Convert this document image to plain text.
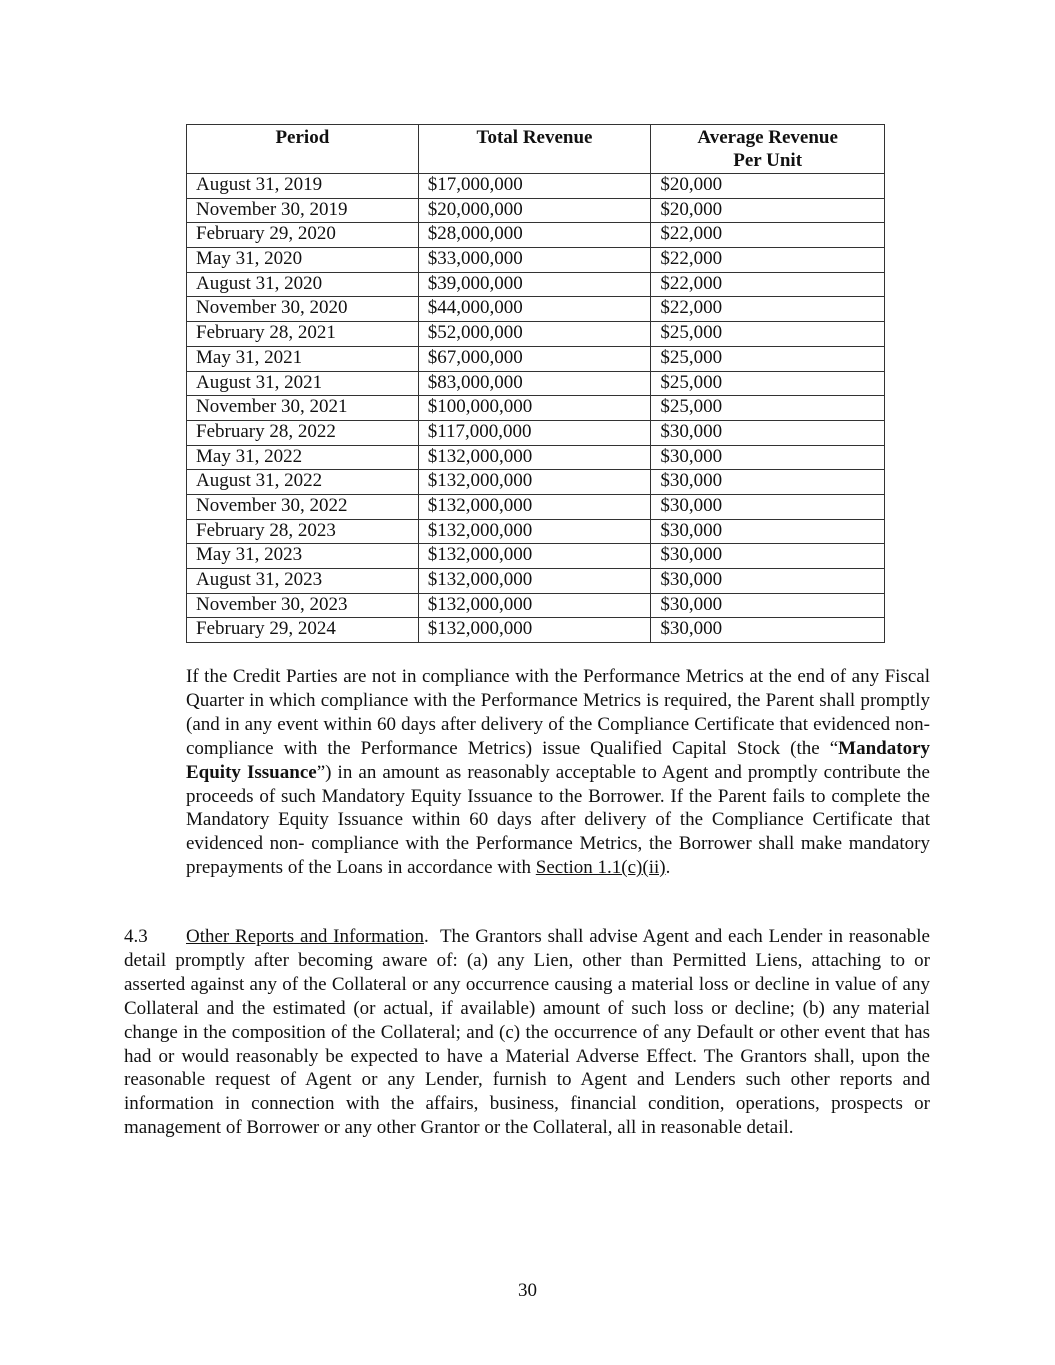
Period	Total Revenue	Average Revenue
Per Unit
August 31, 2019	$17,000,000	$20,000
November 30, 2019	$20,000,000	$20,000
February 29, 2020	$28,000,000	$22,000
May 31, 2020	$33,000,000	$22,000
August 31, 2020	$39,000,000	$22,000
November 30, 2020	$44,000,000	$22,000
February 28, 2021	$52,000,000	$25,000
May 31, 2021	$67,000,000	$25,000
August 31, 2021	$83,000,000	$25,000
November 30, 2021	$100,000,000	$25,000
February 28, 2022	$117,000,000	$30,000
May 31, 2022	$132,000,000	$30,000
August 31, 2022	$132,000,000	$30,000
November 30, 2022	$132,000,000	$30,000
February 28, 2023	$132,000,000	$30,000
May 31, 2023	$132,000,000	$30,000
August 31, 2023	$132,000,000	$30,000
November 30, 2023	$132,000,000	$30,000
February 29, 2024	$132,000,000	$30,000

If the Credit Parties are not in compliance with the Performance Metrics at the end of any Fiscal Quarter in which compliance with the Performance Metrics is required, the Parent shall promptly (and in any event within 60 days after delivery of the Compliance Certificate that evidenced non-compliance with the Performance Metrics) issue Qualified Capital Stock (the “Mandatory Equity Issuance”) in an amount as reasonably acceptable to Agent and promptly contribute the proceeds of such Mandatory Equity Issuance to the Borrower. If the Parent fails to complete the Mandatory Equity Issuance within 60 days after delivery of the Compliance Certificate that evidenced non- compliance with the Performance Metrics, the Borrower shall make mandatory prepayments of the Loans in accordance with Section 1.1(c)(ii).

4.3 Other Reports and Information.  The Grantors shall advise Agent and each Lender in reasonable detail promptly after becoming aware of: (a) any Lien, other than Permitted Liens, attaching to or asserted against any of the Collateral or any occurrence causing a material loss or decline in value of any Collateral and the estimated (or actual, if available) amount of such loss or decline; (b) any material change in the composition of the Collateral; and (c) the occurrence of any Default or other event that has had or would reasonably be expected to have a Material Adverse Effect. The Grantors shall, upon the reasonable request of Agent or any Lender, furnish to Agent and Lenders such other reports and information in connection with the affairs, business, financial condition, operations, prospects or management of Borrower or any other Grantor or the Collateral, all in reasonable detail.

30
